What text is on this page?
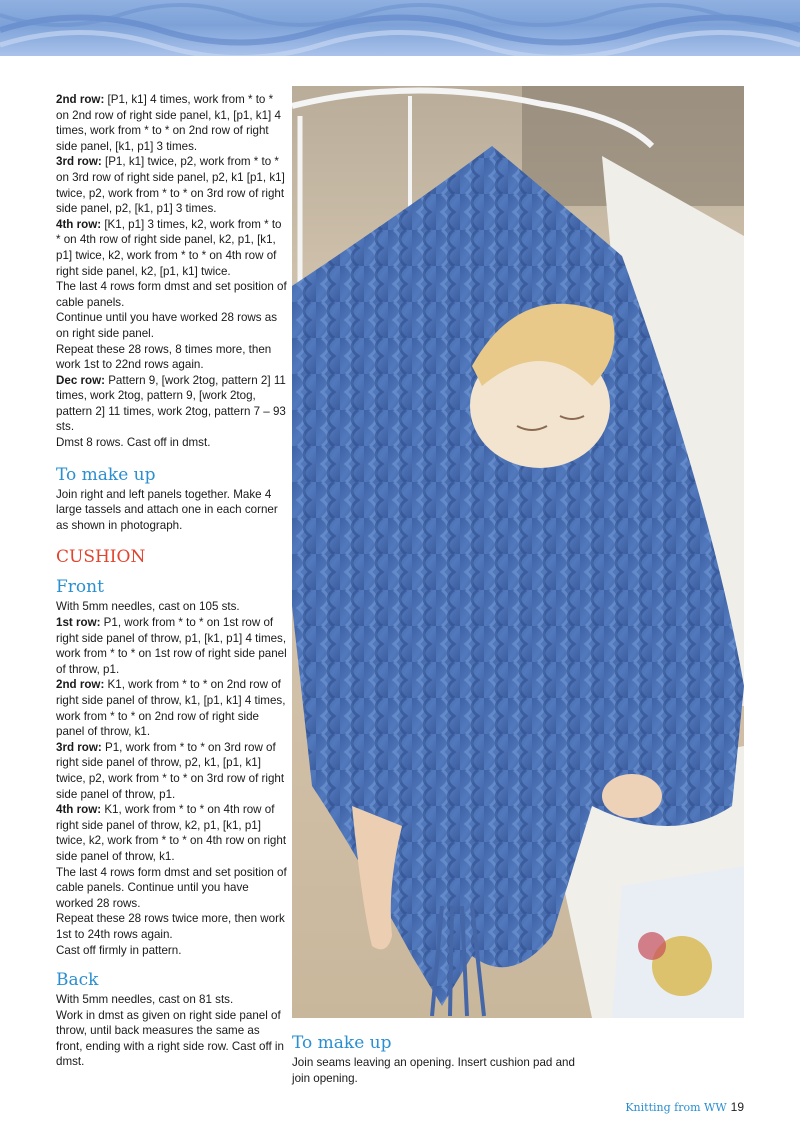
2nd row: [P1, k1] 4 times, work from * to * on 2nd row of right side panel, k1, [p1, k1] 4 times, work from * to * on 2nd row of right side panel, [k1, p1] 3 times.

3rd row: [P1, k1] twice, p2, work from * to * on 3rd row of right side panel, p2, k1 [p1, k1] twice, p2, work from * to * on 3rd row of right side panel, p2, [k1, p1] 3 times.

4th row: [K1, p1] 3 times, k2, work from * to * on 4th row of right side panel, k2, p1, [k1, p1] twice, k2, work from * to * on 4th row of right side panel, k2, [p1, k1] twice.

The last 4 rows form dmst and set position of cable panels.

Continue until you have worked 28 rows as on right side panel.

Repeat these 28 rows, 8 times more, then work 1st to 22nd rows again.

Dec row: Pattern 9, [work 2tog, pattern 2] 11 times, work 2tog, pattern 9, [work 2tog, pattern 2] 11 times, work 2tog, pattern 7 – 93 sts.

Dmst 8 rows. Cast off in dmst.

To make up

Join right and left panels together. Make 4 large tassels and attach one in each corner as shown in photograph.

CUSHION
Front

With 5mm needles, cast on 105 sts.

1st row: P1, work from * to * on 1st row of right side panel of throw, p1, [k1, p1] 4 times, work from * to * on 1st row of right side panel of throw, p1.

2nd row: K1, work from * to * on 2nd row of right side panel of throw, k1, [p1, k1] 4 times, work from * to * on 2nd row of right side panel of throw, k1.

3rd row: P1, work from * to * on 3rd row of right side panel of throw, p2, k1, [p1, k1] twice, p2, work from * to * on 3rd row of right side panel of throw, p1.

4th row: K1, work from * to * on 4th row of right side panel of throw, k2, p1, [k1, p1] twice, k2, work from * to * on 4th row on right side panel of throw, k1.

The last 4 rows form dmst and set position of cable panels. Continue until you have worked 28 rows.

Repeat these 28 rows twice more, then work 1st to 24th rows again.

Cast off firmly in pattern.

Back

With 5mm needles, cast on 81 sts.

Work in dmst as given on right side panel of throw, until back measures the same as front, ending with a right side row. Cast off in dmst.

To make up

Join seams leaving an opening. Insert cushion pad and join opening.

Knitting from WW 19
